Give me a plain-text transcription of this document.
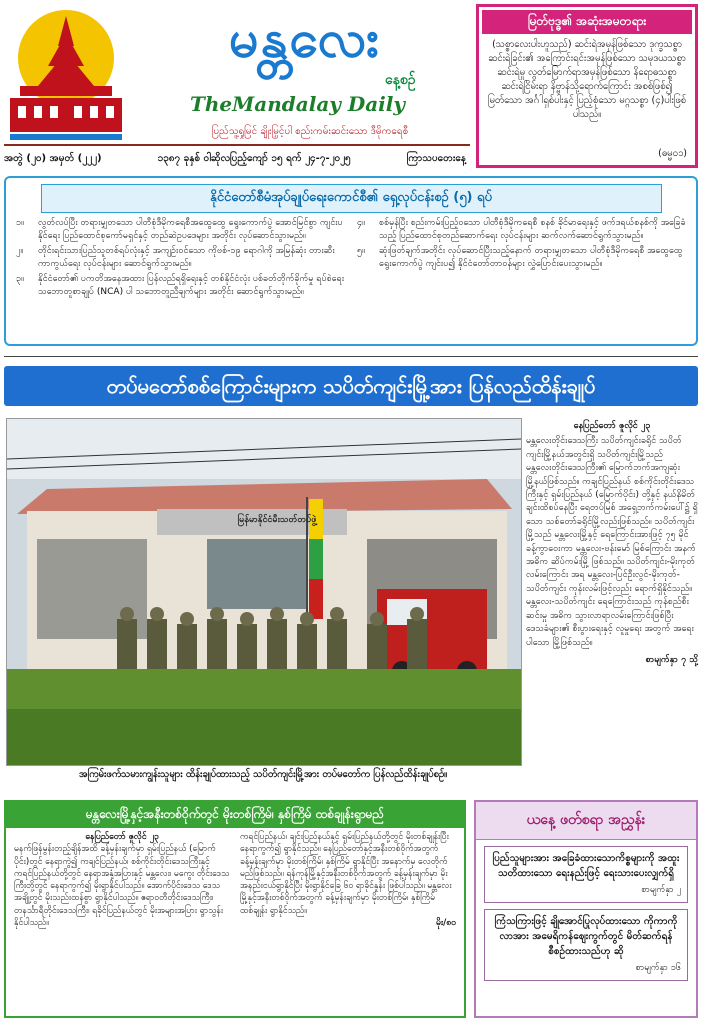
မန္တလေး
နေ့စဉ်
TheMandalay Daily
ပြည်သူ့ရှုမြင် ချိုးမြှင့်ပါ စည်းကမ်းဆင်းသော ဒီမိုကရေစီ
အတွဲ (၂၀) အမှတ် (၂၂၂)	၁၃၈၇ ခုနှစ် ဝါဆိုလပြည့်ကျော် ၁၅ ရက် ၂၄-၇-၂၀၂၅	ကြာသပတေးနေ့
မြတ်ဗုဒ္ဓ၏ အဆုံးအမတရား
(သစ္စာလေးပါးဟူသည်) ဆင်းရဲအမှန်ဖြစ်သော ဒုက္ခသစ္စာ ဆင်းရဲခြင်း၏ အကြောင်းရင်းအမှန်ဖြစ်သော သမုဒယသစ္စာ ဆင်းရဲမှု လွတ်မြောက်ရာအမှန်ဖြစ်သော နိရောဓသစ္စာ ဆင်းရဲငြိမ်းရာ နိဗ္ဗာန်သို့ရောက်ကြောင်း အစစ်ဖြစ်၍ မြတ်သော အင်္ဂါရှစ်ပါးနှင့် ပြည့်စုံသော မဂ္ဂသစ္စာ (၄)ပါးဖြစ်ပါသည်။
(ဓမ္မ၀၁)
နိုင်ငံတော်စီမံအုပ်ချုပ်ရေးကောင်စီ၏ ရှေ့လုပ်ငန်းစဉ် (၅) ရပ်
၁။	လွတ်လပ်ပြီး တရားမျှတသော ပါတီစုံဒီမိုကရေစီအထွေထွေ ရွေးကောက်ပွဲ အောင်မြင်စွာ ကျင်းပနိုင်ရေး ပြည်ထောင်စုကော်မရှင်နှင့် တည်ဆဲဥပဒေများ အတိုင်း လုပ်ဆောင်သွားမည်။
၂။	တိုင်းရင်းသားပြည်သူတစ်ရပ်လုံးနှင့် အကျဉ်းဝင်သော ကိုဗစ်-၁၉ ရောဂါကို အမြန်ဆုံး တားဆီးကာကွယ်ရေး လုပ်ငန်းများ ဆောင်ရွက်သွားမည်။
၃။	နိုင်ငံတော်၏ ပကတိအနေအထား ပြန်လည်ရရှိရေးနှင့် တစ်နိုင်ငံလုံး ပစ်ခတ်တိုက်ခိုက်မှု ရပ်စဲရေး သဘောတူစာချုပ် (NCA) ပါ သဘောတူညီချက်များ အတိုင်း ဆောင်ရွက်သွားမည်။
၄။	စစ်မှန်ပြီး စည်းကမ်းပြည့်ဝသော ပါတီစုံဒီမိုကရေစီ စနစ် ခိုင်မာရေးနှင့် ဖက်ဒရယ်စနစ်ကို အခြေခံသည့် ပြည်ထောင်စုတည်ဆောက်ရေး လုပ်ငန်းများ ဆက်လက်ဆောင်ရွက်သွားမည်။
၅။	ဆုံးဖြတ်ချက်အတိုင်း လုပ်ဆောင်ပြီးသည့်နောက် တရားမျှတသော ပါတီစုံဒီမိုကရေစီ အထွေထွေ ရွေးကောက်ပွဲ ကျင်းပ၍ နိုင်ငံတော်တာဝန်များ လွှဲပြောင်းပေးသွားမည်။
တပ်မတော်စစ်ကြောင်းများက သပိတ်ကျင်းမြို့အား ပြန်လည်ထိန်းချုပ်
မြန်မာနိုင်ငံမီးသတ်တပ်ဖွဲ့
အကြမ်းဖက်သမားကျွန်းသူများ ထိန်းချုပ်ထားသည့် သပိတ်ကျင်းမြို့အား တပ်မတော်က ပြန်လည်ထိန်းချုပ်စဉ်။
နေပြည်တော် ဇူလိုင် ၂၃
မန္တလေးတိုင်းဒေသကြီး သပိတ်ကျင်းခရိုင် သပိတ်ကျင်းမြို့နယ်အတွင်းရှိ သပိတ်ကျင်းမြို့သည် မန္တလေးတိုင်းဒေသကြီး၏ မြောက်ဘက်အကျဆုံးမြို့နယ်ဖြစ်သည်။ ကချင်ပြည်နယ် စစ်ကိုင်းတိုင်းဒေသကြီးနှင့် ရှမ်းပြည်နယ် (မြောက်ပိုင်း) တို့နှင့် နယ်နိမိတ်ချင်းထိစပ်နေပြီး ရေတပ်မြစ် အရှေ့ဘက်ကမ်းပေါ်၌ ရှိသော သစ်တော်ခရိုင်မြို့လည်းဖြစ်သည်။ သပိတ်ကျင်းမြို့သည် မန္တလေးမြို့နှင့် ရေကြောင်းအားဖြင့် ၇၅ မိုင်ခန့်ကွာဝေးကာ မန္တလေး-ဗန်းမော် မြစ်ကြောင်း အနက် အဓိက ဆိပ်ကမ်းမြို့ ဖြစ်သည်။ သပိတ်ကျင်း-မိုးကုတ် လမ်းကြောင်း အရ မန္တလေး-ပြင်ဦးလွင်-မိုးကုတ်-သပိတ်ကျင်း ကုန်းလမ်းဖြင့်လည်း ရောက်ရှိနိုင်သည်။ မန္တလေး-သပိတ်ကျင်း ရေကြောင်းသည် ကုန်စည်စီးဆင်းမှု အဓိက သွားလာရာလမ်းကြောင်းဖြစ်ပြီး ဒေသခံများ၏ စီးပွားရေးနှင့် လူမှုရေး အတွက် အရေးပါသော မြို့ဖြစ်သည်။
စာမျက်နှာ ၇ သို့
မန္တလေးမြို့နှင့်အနီးတစ်ဝိုက်တွင် မိုးတစ်ကြိမ်၊ နှစ်ကြိမ် ထစ်ချုန်းရွာမည်
နေပြည်တော် ဇူလိုင် ၂၃
မနက်ဖြန်မွန်းတည့်ချိန်အထိ ခန့်မှန်းချက်မှာ ရှမ်းပြည်နယ် (မြောက်ပိုင်း)တွင် နေရာကွဲ၍ ကချင်ပြည်နယ်၊ စစ်ကိုင်းတိုင်းဒေသကြီးနှင့် ကရင်ပြည်နယ်တို့တွင် နေရာအနှံ့အပြားနှင့် မန္တလေး၊ မကွေး တိုင်းဒေသကြီးတို့တွင် နေရာကွက်၍ မိုးရွာနိုင်ပါသည်။ အောက်ပိုင်းဒေသ ဒေသအချို့တွင် မိုးသည်းထန်စွာ ရွာနိုင်ပါသည်။ ဧရာဝတီတိုင်းဒေသကြီး၊ တနင်္သာရီတိုင်းဒေသကြီး၊ ရခိုင်ပြည်နယ်တွင် မိုးအများအပြား ရွာသွန်းနိုင်ပါသည်။
ကရင်ပြည်နယ်၊ ချင်းပြည်နယ်နှင့် ရှမ်းပြည်နယ်တို့တွင် မိုးတစ်ချုန်းပြီး နေရာကွက်၍ ရွာနိုင်သည်။ နေပြည်တော်နှင့်အနီးတစ်ဝိုက်အတွက် ခန့်မှန်းချက်မှာ မိုးတစ်ကြိမ်၊ နှစ်ကြိမ် ရွာနိုင်ပြီး အနောက်မှ လေတိုက်မည်ဖြစ်သည်။ ရန်ကုန်မြို့နှင့်အနီးတစ်ဝိုက်အတွက် ခန့်မှန်းချက်မှာ မိုးအနည်းငယ်ရွာနိုင်ပြီး မိုးရွာနိုင်ခြေ ၆၀ ရာခိုင်နှုန်း ဖြစ်ပါသည်။ မန္တလေးမြို့နှင့်အနီးတစ်ဝိုက်အတွက် ခန့်မှန်းချက်မှာ မိုးတစ်ကြိမ်၊ နှစ်ကြိမ် ထစ်ချုန်း ရွာနိုင်သည်။
မိုး/၈၀
ယနေ့ ဖတ်စရာ အညွှန်း
ပြည်သူများအား အခြေခံထားသောကိစ္စများကို အထူးသတိထားသော ရေးနည်းဖြင့် ရေးသားပေးလျှက်ရှိ
စာမျက်နှာ ၂
ကြံသကြားဖြင့် ချိုအောင်ပြုလုပ်ထားသော ကိုကာကိုလာအား အမေရိကန်ဈေးကွက်တွင် မိတ်ဆက်ရန် စီစဉ်ထားသည်ဟု ဆို
စာမျက်နှာ ၁၆
